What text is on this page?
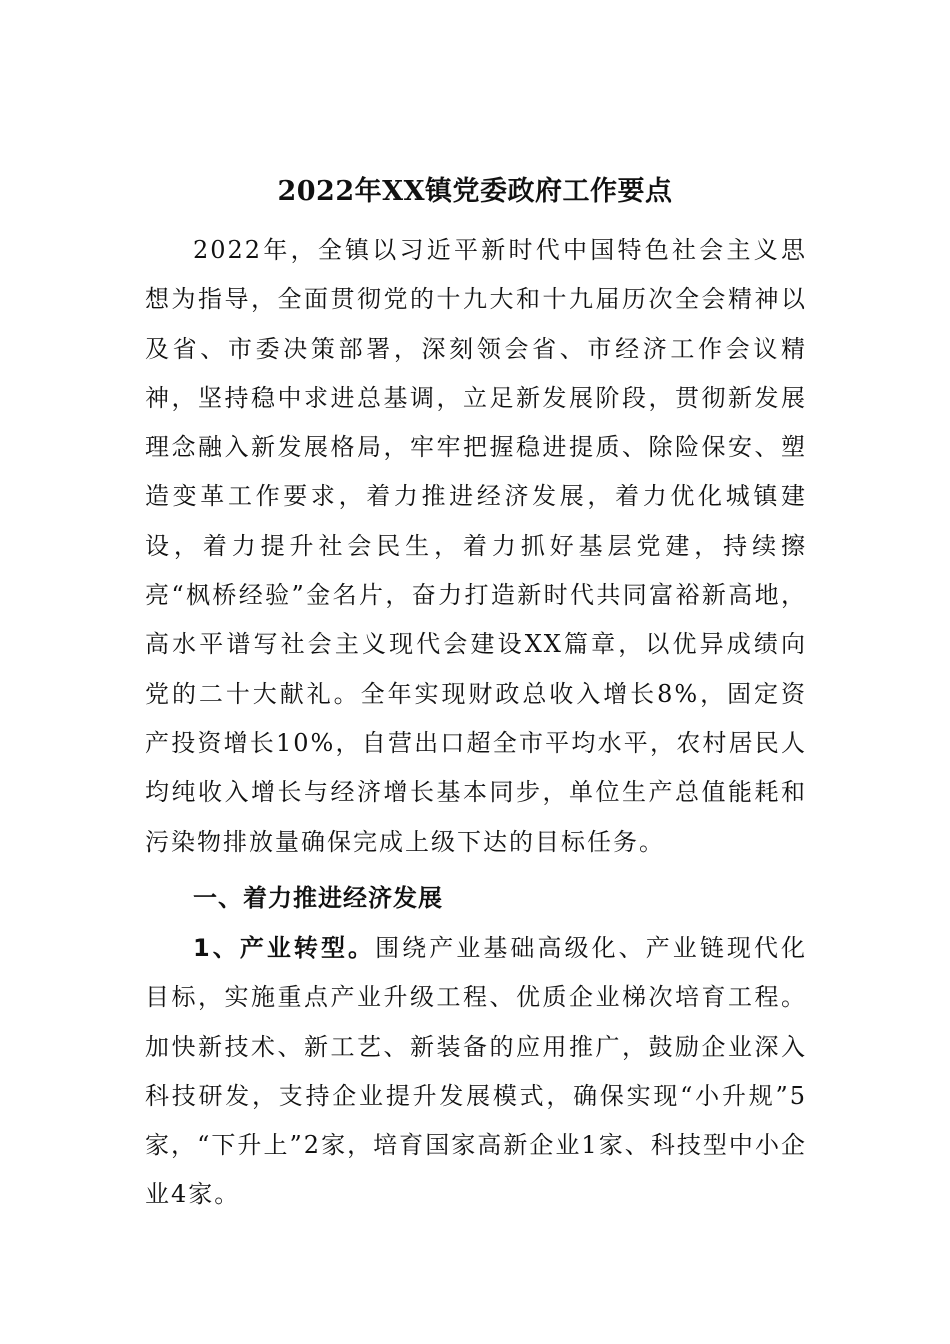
2022年XX镇党委政府工作要点

2022年，全镇以习近平新时代中国特色社会主义思想为指导，全面贯彻党的十九大和十九届历次全会精神以及省、市委决策部署，深刻领会省、市经济工作会议精神，坚持稳中求进总基调，立足新发展阶段，贯彻新发展理念融入新发展格局，牢牢把握稳进提质、除险保安、塑造变革工作要求，着力推进经济发展，着力优化城镇建设，着力提升社会民生，着力抓好基层党建，持续擦亮“枫桥经验”金名片，奋力打造新时代共同富裕新高地，高水平谱写社会主义现代会建设XX篇章，以优异成绩向党的二十大献礼。全年实现财政总收入增长8%，固定资产投资增长10%，自营出口超全市平均水平，农村居民人均纯收入增长与经济增长基本同步，单位生产总值能耗和污染物排放量确保完成上级下达的目标任务。

一、着力推进经济发展

1、产业转型。围绕产业基础高级化、产业链现代化目标，实施重点产业升级工程、优质企业梯次培育工程。加快新技术、新工艺、新装备的应用推广，鼓励企业深入科技研发，支持企业提升发展模式，确保实现“小升规”5家，“下升上”2家，培育国家高新企业1家、科技型中小企业4家。
